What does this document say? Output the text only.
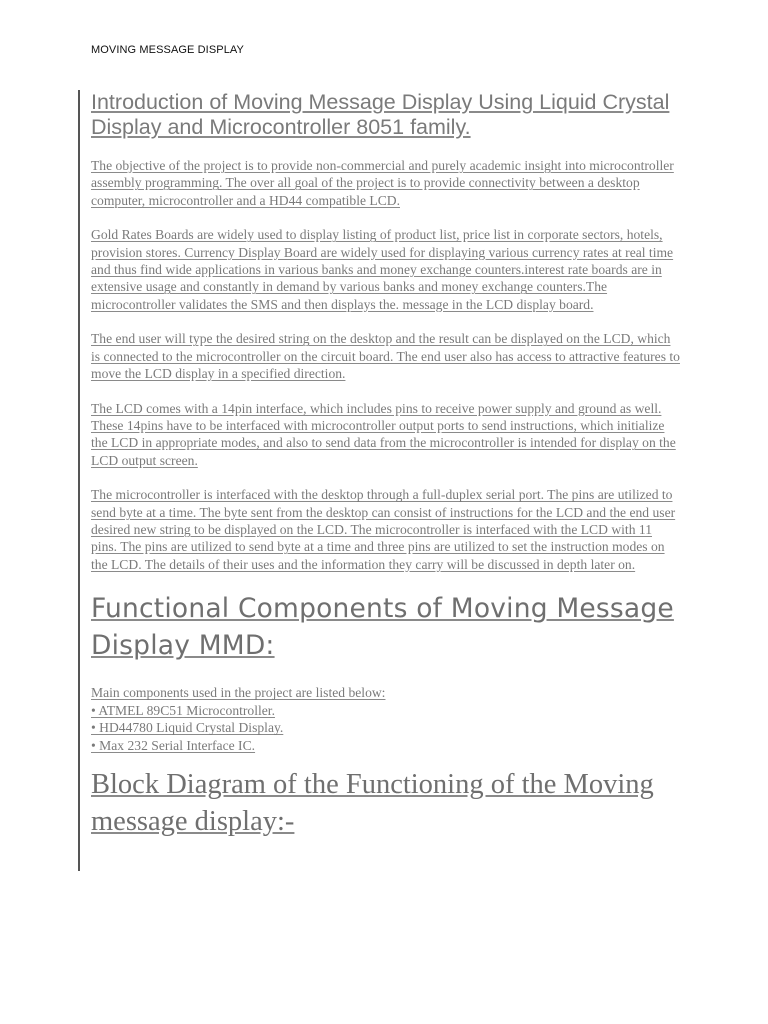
MOVING MESSAGE DISPLAY
Introduction of Moving Message Display Using Liquid Crystal Display and Microcontroller 8051 family.

The objective of the project is to provide non-commercial and purely academic insight into microcontroller assembly programming. The over all goal of the project is to provide connectivity between a desktop computer, microcontroller and a HD44 compatible LCD.

Gold Rates Boards are widely used to display listing of product list, price list in corporate sectors, hotels, provision stores. Currency Display Board are widely used for displaying various currency rates at real time and thus find wide applications in various banks and money exchange counters.interest rate boards are in extensive usage and constantly in demand by various banks and money exchange counters.The microcontroller validates the SMS and then displays the. message in the LCD display board.

The end user will type the desired string on the desktop and the result can be displayed on the LCD, which is connected to the microcontroller on the circuit board. The end user also has access to attractive features to move the LCD display in a specified direction.

The LCD comes with a 14pin interface, which includes pins to receive power supply and ground as well. These 14pins have to be interfaced with microcontroller output ports to send instructions, which initialize the LCD in appropriate modes, and also to send data from the microcontroller is intended for display on the LCD output screen.

The microcontroller is interfaced with the desktop through a full-duplex serial port. The pins are utilized to send byte at a time. The byte sent from the desktop can consist of instructions for the LCD and the end user desired new string to be displayed on the LCD. The microcontroller is interfaced with the LCD with 11 pins. The pins are utilized to send byte at a time and three pins are utilized to set the instruction modes on the LCD. The details of their uses and the information they carry will be discussed in depth later on.

Functional Components of Moving Message Display MMD:
Main components used in the project are listed below:
• ATMEL 89C51 Microcontroller.
• HD44780 Liquid Crystal Display.
• Max 232 Serial Interface IC.
Block Diagram of the Functioning of the Moving message display:-
